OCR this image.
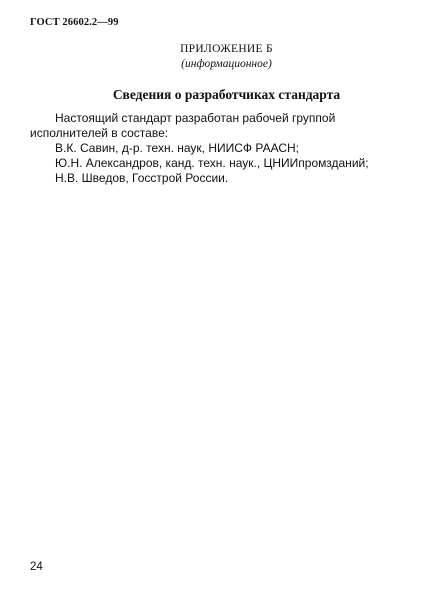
ГОСТ 26602.2—99
ПРИЛОЖЕНИЕ Б
(информационное)
Сведения о разработчиках стандарта
Настоящий стандарт разработан рабочей группой исполнителей в составе:
В.К. Савин, д-р. техн. наук, НИИСФ РААСН;
Ю.Н. Александров, канд. техн. наук., ЦНИИпромзданий;
Н.В. Шведов, Госстрой России.
24
